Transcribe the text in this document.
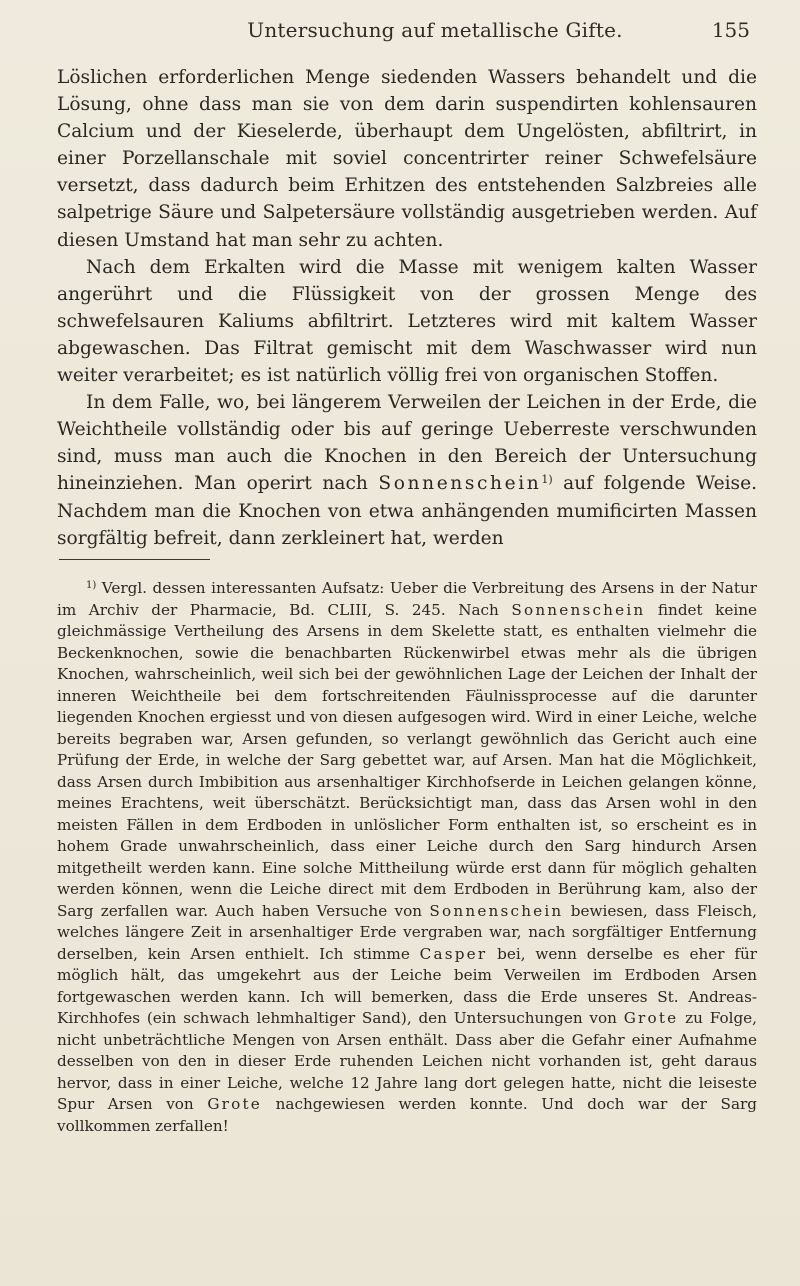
Untersuchung auf metallische Gifte.	155

Löslichen erforderlichen Menge siedenden Wassers behandelt und die Lösung, ohne dass man sie von dem darin suspendirten kohlensauren Calcium und der Kieselerde, überhaupt dem Ungelösten, abfiltrirt, in einer Porzellanschale mit soviel concentrirter reiner Schwefelsäure versetzt, dass dadurch beim Erhitzen des entstehenden Salzbreies alle salpetrige Säure und Salpetersäure vollständig ausgetrieben werden. Auf diesen Umstand hat man sehr zu achten.

Nach dem Erkalten wird die Masse mit wenigem kalten Wasser angerührt und die Flüssigkeit von der grossen Menge des schwefelsauren Kaliums abfiltrirt. Letzteres wird mit kaltem Wasser abgewaschen. Das Filtrat gemischt mit dem Waschwasser wird nun weiter verarbeitet; es ist natürlich völlig frei von organischen Stoffen.

In dem Falle, wo, bei längerem Verweilen der Leichen in der Erde, die Weichtheile vollständig oder bis auf geringe Ueberreste verschwunden sind, muss man auch die Knochen in den Bereich der Untersuchung hineinziehen. Man operirt nach Sonnenschein$^{1)}$ auf folgende Weise. Nachdem man die Knochen von etwa anhängenden mumificirten Massen sorgfältig befreit, dann zerkleinert hat, werden

$^{1)}$ Vergl. dessen interessanten Aufsatz: Ueber die Verbreitung des Arsens in der Natur im Archiv der Pharmacie, Bd. CLIII, S. 245. Nach Sonnenschein findet keine gleichmässige Vertheilung des Arsens in dem Skelette statt, es enthalten vielmehr die Beckenknochen, sowie die benachbarten Rückenwirbel etwas mehr als die übrigen Knochen, wahrscheinlich, weil sich bei der gewöhnlichen Lage der Leichen der Inhalt der inneren Weichtheile bei dem fortschreitenden Fäulnissprocesse auf die darunter liegenden Knochen ergiesst und von diesen aufgesogen wird. Wird in einer Leiche, welche bereits begraben war, Arsen gefunden, so verlangt gewöhnlich das Gericht auch eine Prüfung der Erde, in welche der Sarg gebettet war, auf Arsen. Man hat die Möglichkeit, dass Arsen durch Imbibition aus arsenhaltiger Kirchhofserde in Leichen gelangen könne, meines Erachtens, weit überschätzt. Berücksichtigt man, dass das Arsen wohl in den meisten Fällen in dem Erdboden in unlöslicher Form enthalten ist, so erscheint es in hohem Grade unwahrscheinlich, dass einer Leiche durch den Sarg hindurch Arsen mitgetheilt werden kann. Eine solche Mittheilung würde erst dann für möglich gehalten werden können, wenn die Leiche direct mit dem Erdboden in Berührung kam, also der Sarg zerfallen war. Auch haben Versuche von Sonnenschein bewiesen, dass Fleisch, welches längere Zeit in arsenhaltiger Erde vergraben war, nach sorgfältiger Entfernung derselben, kein Arsen enthielt. Ich stimme Casper bei, wenn derselbe es eher für möglich hält, das umgekehrt aus der Leiche beim Verweilen im Erdboden Arsen fortgewaschen werden kann. Ich will bemerken, dass die Erde unseres St. Andreas-Kirchhofes (ein schwach lehmhaltiger Sand), den Untersuchungen von Grote zu Folge, nicht unbeträchtliche Mengen von Arsen enthält. Dass aber die Gefahr einer Aufnahme desselben von den in dieser Erde ruhenden Leichen nicht vorhanden ist, geht daraus hervor, dass in einer Leiche, welche 12 Jahre lang dort gelegen hatte, nicht die leiseste Spur Arsen von Grote nachgewiesen werden konnte. Und doch war der Sarg vollkommen zerfallen!
